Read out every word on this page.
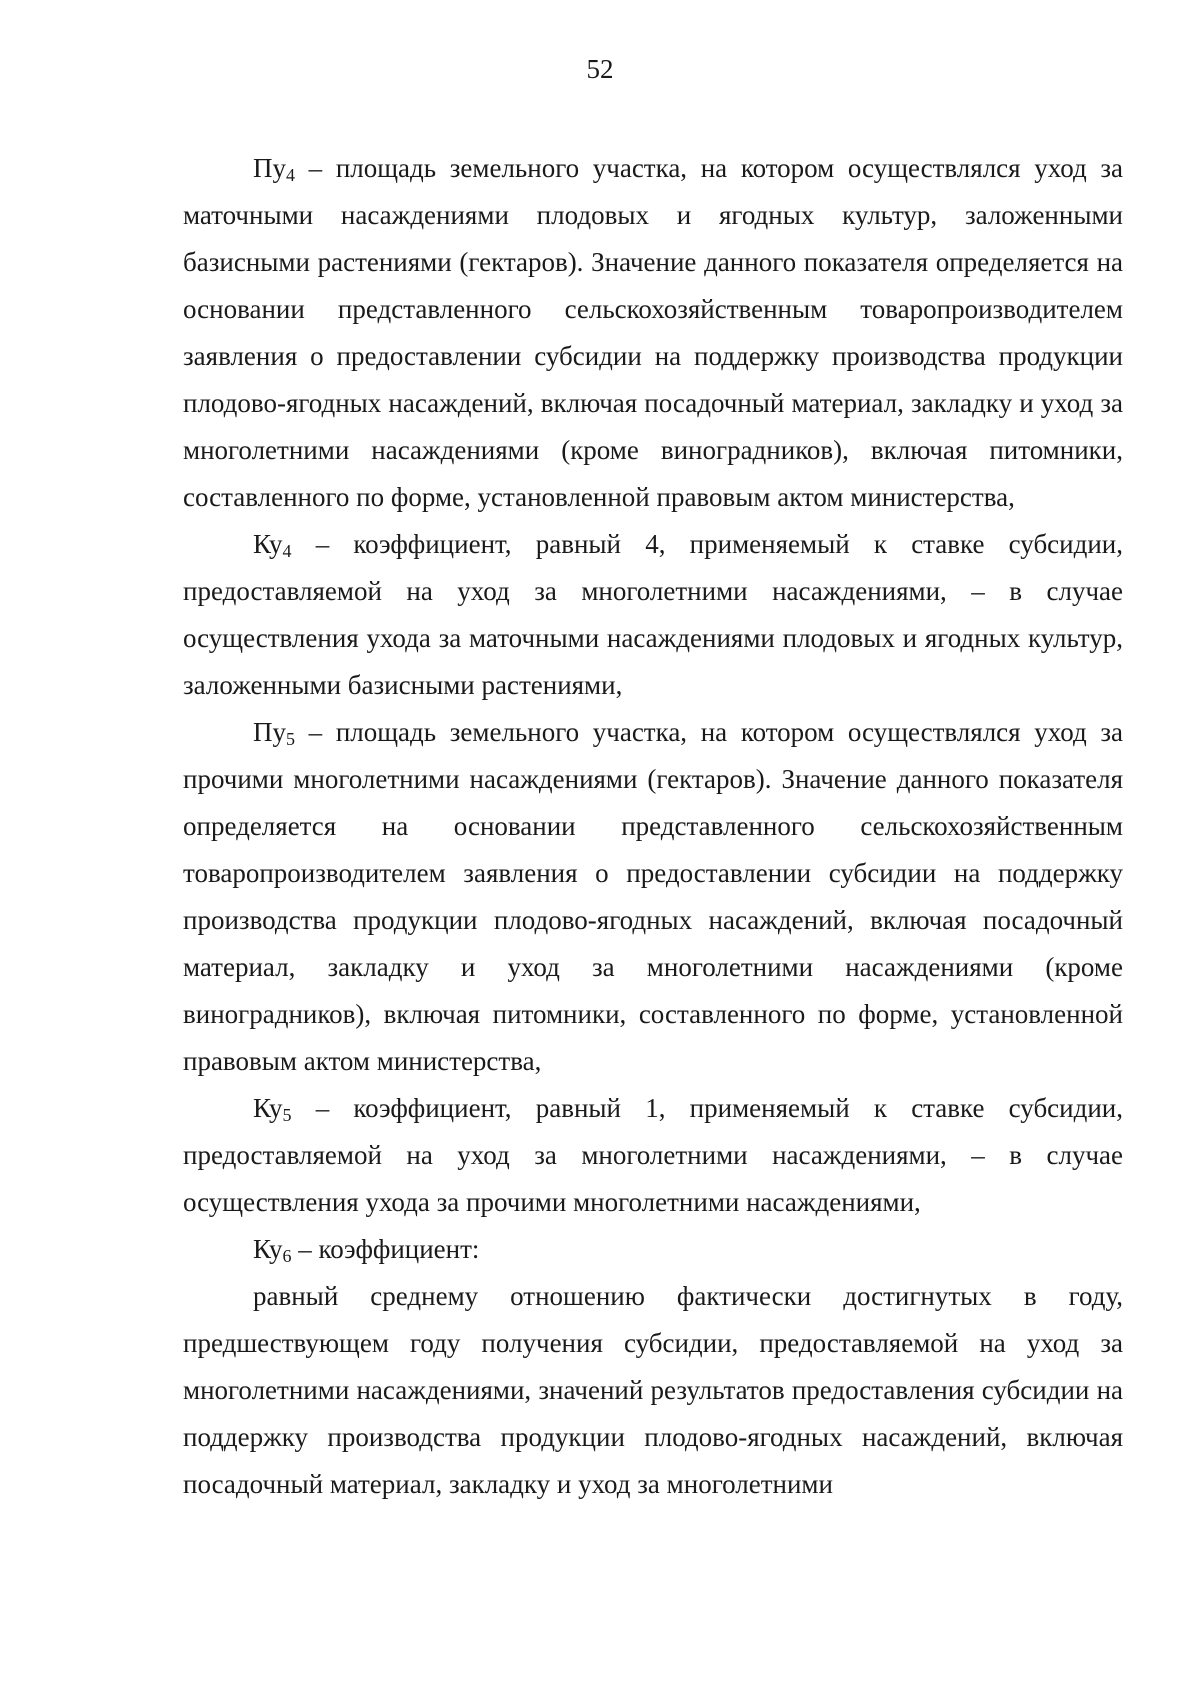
52

$Пу_4$ – площадь земельного участка, на котором осуществлялся уход за маточными насаждениями плодовых и ягодных культур, заложенными базисными растениями (гектаров). Значение данного показателя определяется на основании представленного сельскохозяйственным товаропроизводителем заявления о предоставлении субсидии на поддержку производства продукции плодово-ягодных насаждений, включая посадочный материал, закладку и уход за многолетними насаждениями (кроме виноградников), включая питомники, составленного по форме, установленной правовым актом министерства,

$Ку_4$ – коэффициент, равный 4, применяемый к ставке субсидии, предоставляемой на уход за многолетними насаждениями, – в случае осуществления ухода за маточными насаждениями плодовых и ягодных культур, заложенными базисными растениями,

$Пу_5$ – площадь земельного участка, на котором осуществлялся уход за прочими многолетними насаждениями (гектаров). Значение данного показателя определяется на основании представленного сельскохозяйственным товаропроизводителем заявления о предоставлении субсидии на поддержку производства продукции плодово-ягодных насаждений, включая посадочный материал, закладку и уход за многолетними насаждениями (кроме виноградников), включая питомники, составленного по форме, установленной правовым актом министерства,

$Ку_5$ – коэффициент, равный 1, применяемый к ставке субсидии, предоставляемой на уход за многолетними насаждениями, – в случае осуществления ухода за прочими многолетними насаждениями,

$Ку_6$ – коэффициент:

равный среднему отношению фактически достигнутых в году, предшествующем году получения субсидии, предоставляемой на уход за многолетними насаждениями, значений результатов предоставления субсидии на поддержку производства продукции плодово-ягодных насаждений, включая посадочный материал, закладку и уход за многолетними
